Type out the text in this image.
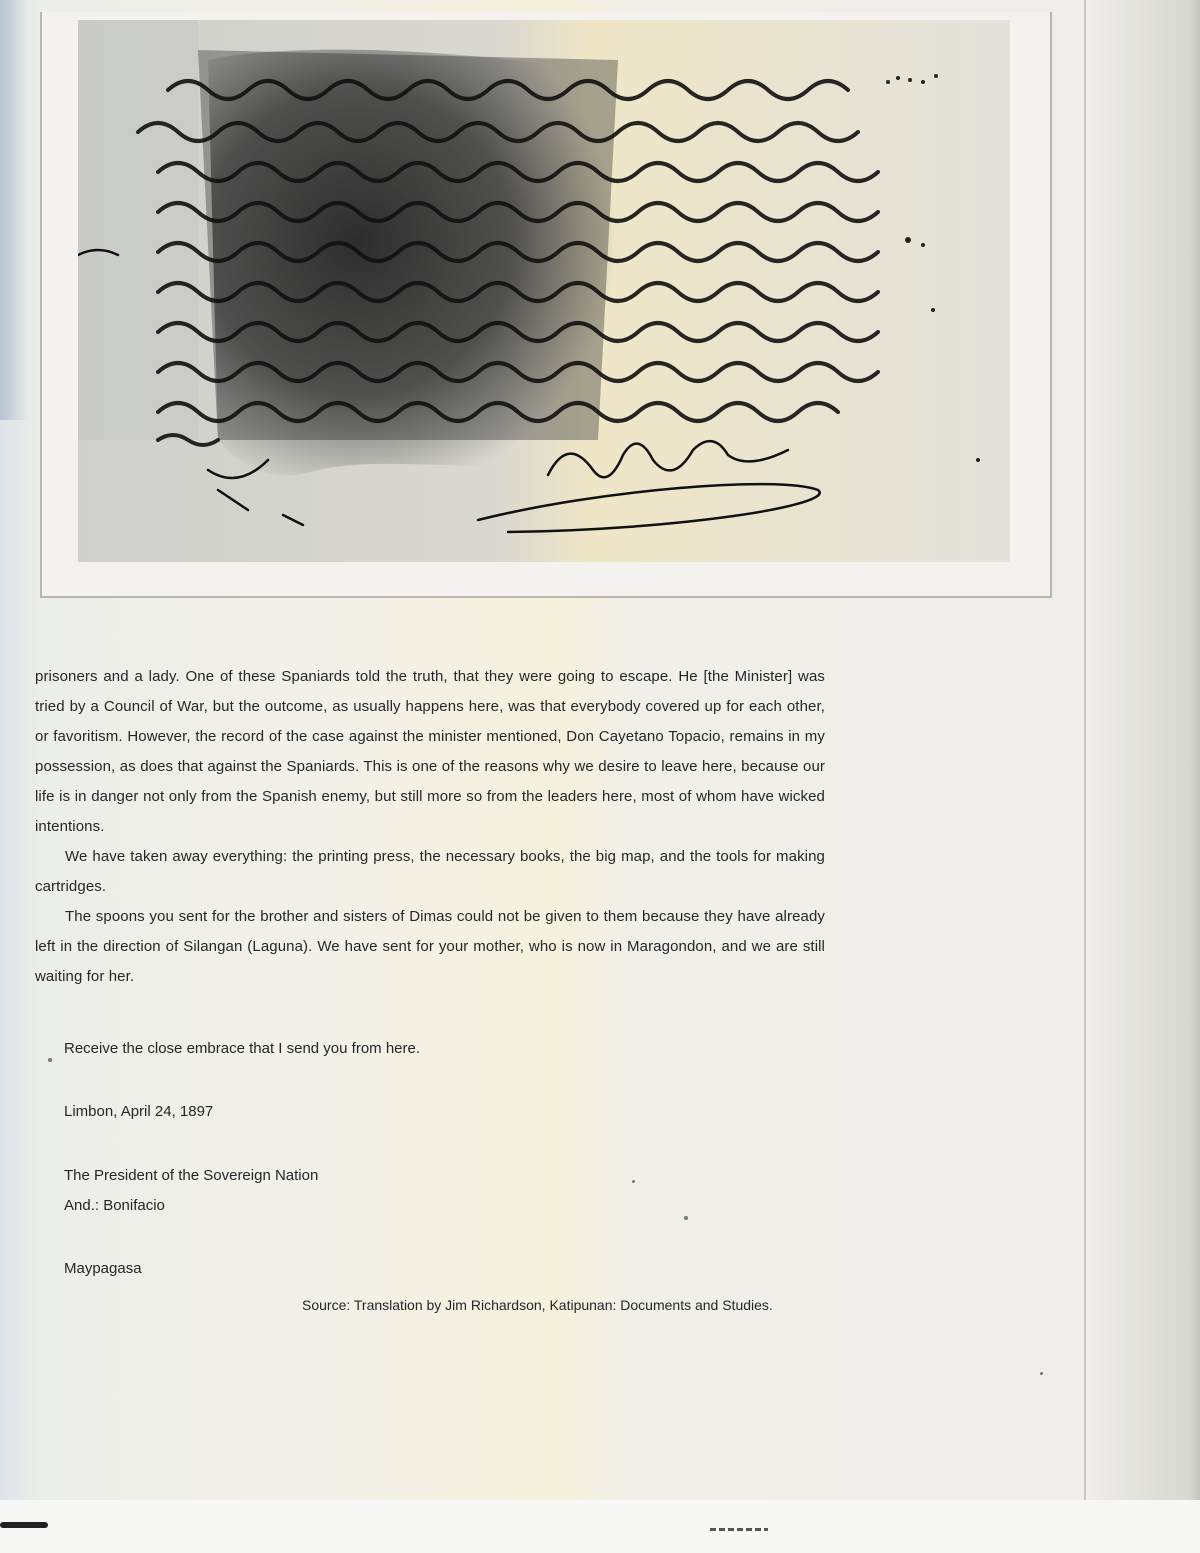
prisoners and a lady. One of these Spaniards told the truth, that they were going to escape. He [the Minister] was tried by a Council of War, but the outcome, as usually happens here, was that everybody covered up for each other, or favoritism. However, the record of the case against the minister mentioned, Don Cayetano Topacio, remains in my possession, as does that against the Spaniards. This is one of the reasons why we desire to leave here, because our life is in danger not only from the Spanish enemy, but still more so from the leaders here, most of whom have wicked intentions.

We have taken away everything: the printing press, the necessary books, the big map, and the tools for making cartridges.

The spoons you sent for the brother and sisters of Dimas could not be given to them because they have already left in the direction of Silangan (Laguna). We have sent for your mother, who is now in Maragondon, and we are still waiting for her.

Receive the close embrace that I send you from here.
Limbon, April 24, 1897
The President of the Sovereign Nation
And.: Bonifacio
Maypagasa
Source: Translation by Jim Richardson, Katipunan: Documents and Studies.
